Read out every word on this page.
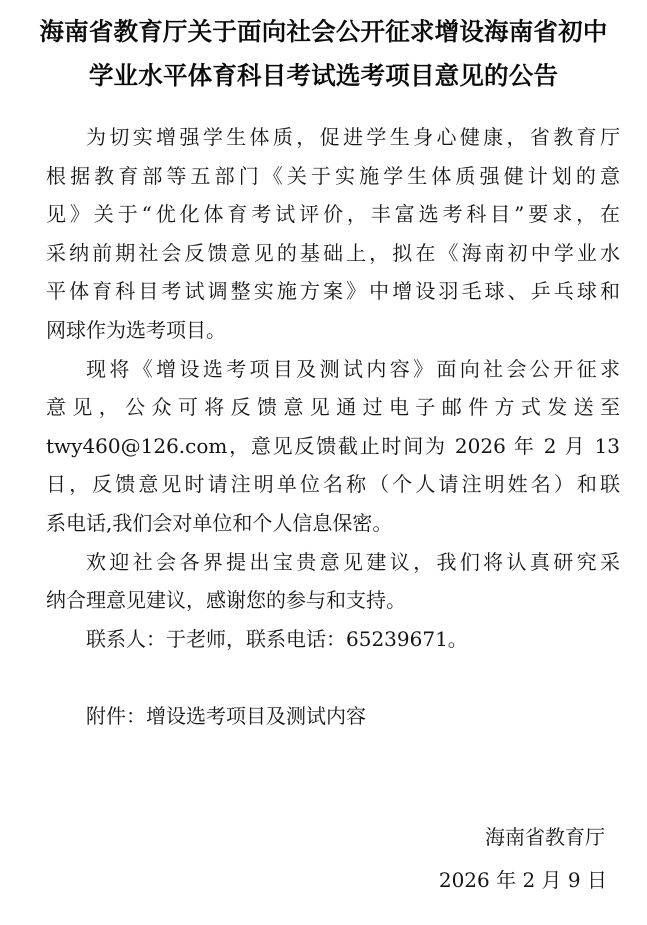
海南省教育厅关于面向社会公开征求增设海南省初中
学业水平体育科目考试选考项目意见的公告
为切实增强学生体质，促进学生身心健康，省教育厅
根据教育部等五部门《关于实施学生体质强健计划的意
见》关于“优化体育考试评价，丰富选考科目”要求，在
采纳前期社会反馈意见的基础上，拟在《海南初中学业水
平体育科目考试调整实施方案》中增设羽毛球、乒乓球和
网球作为选考项目。
现将《增设选考项目及测试内容》面向社会公开征求
意见，公众可将反馈意见通过电子邮件方式发送至
twy460@126.com，意见反馈截止时间为 2026 年 2 月 13
日，反馈意见时请注明单位名称（个人请注明姓名）和联
系电话,我们会对单位和个人信息保密。
欢迎社会各界提出宝贵意见建议，我们将认真研究采
纳合理意见建议，感谢您的参与和支持。
联系人：于老师，联系电话：65239671。
附件：增设选考项目及测试内容
海南省教育厅
2026 年 2 月 9 日
